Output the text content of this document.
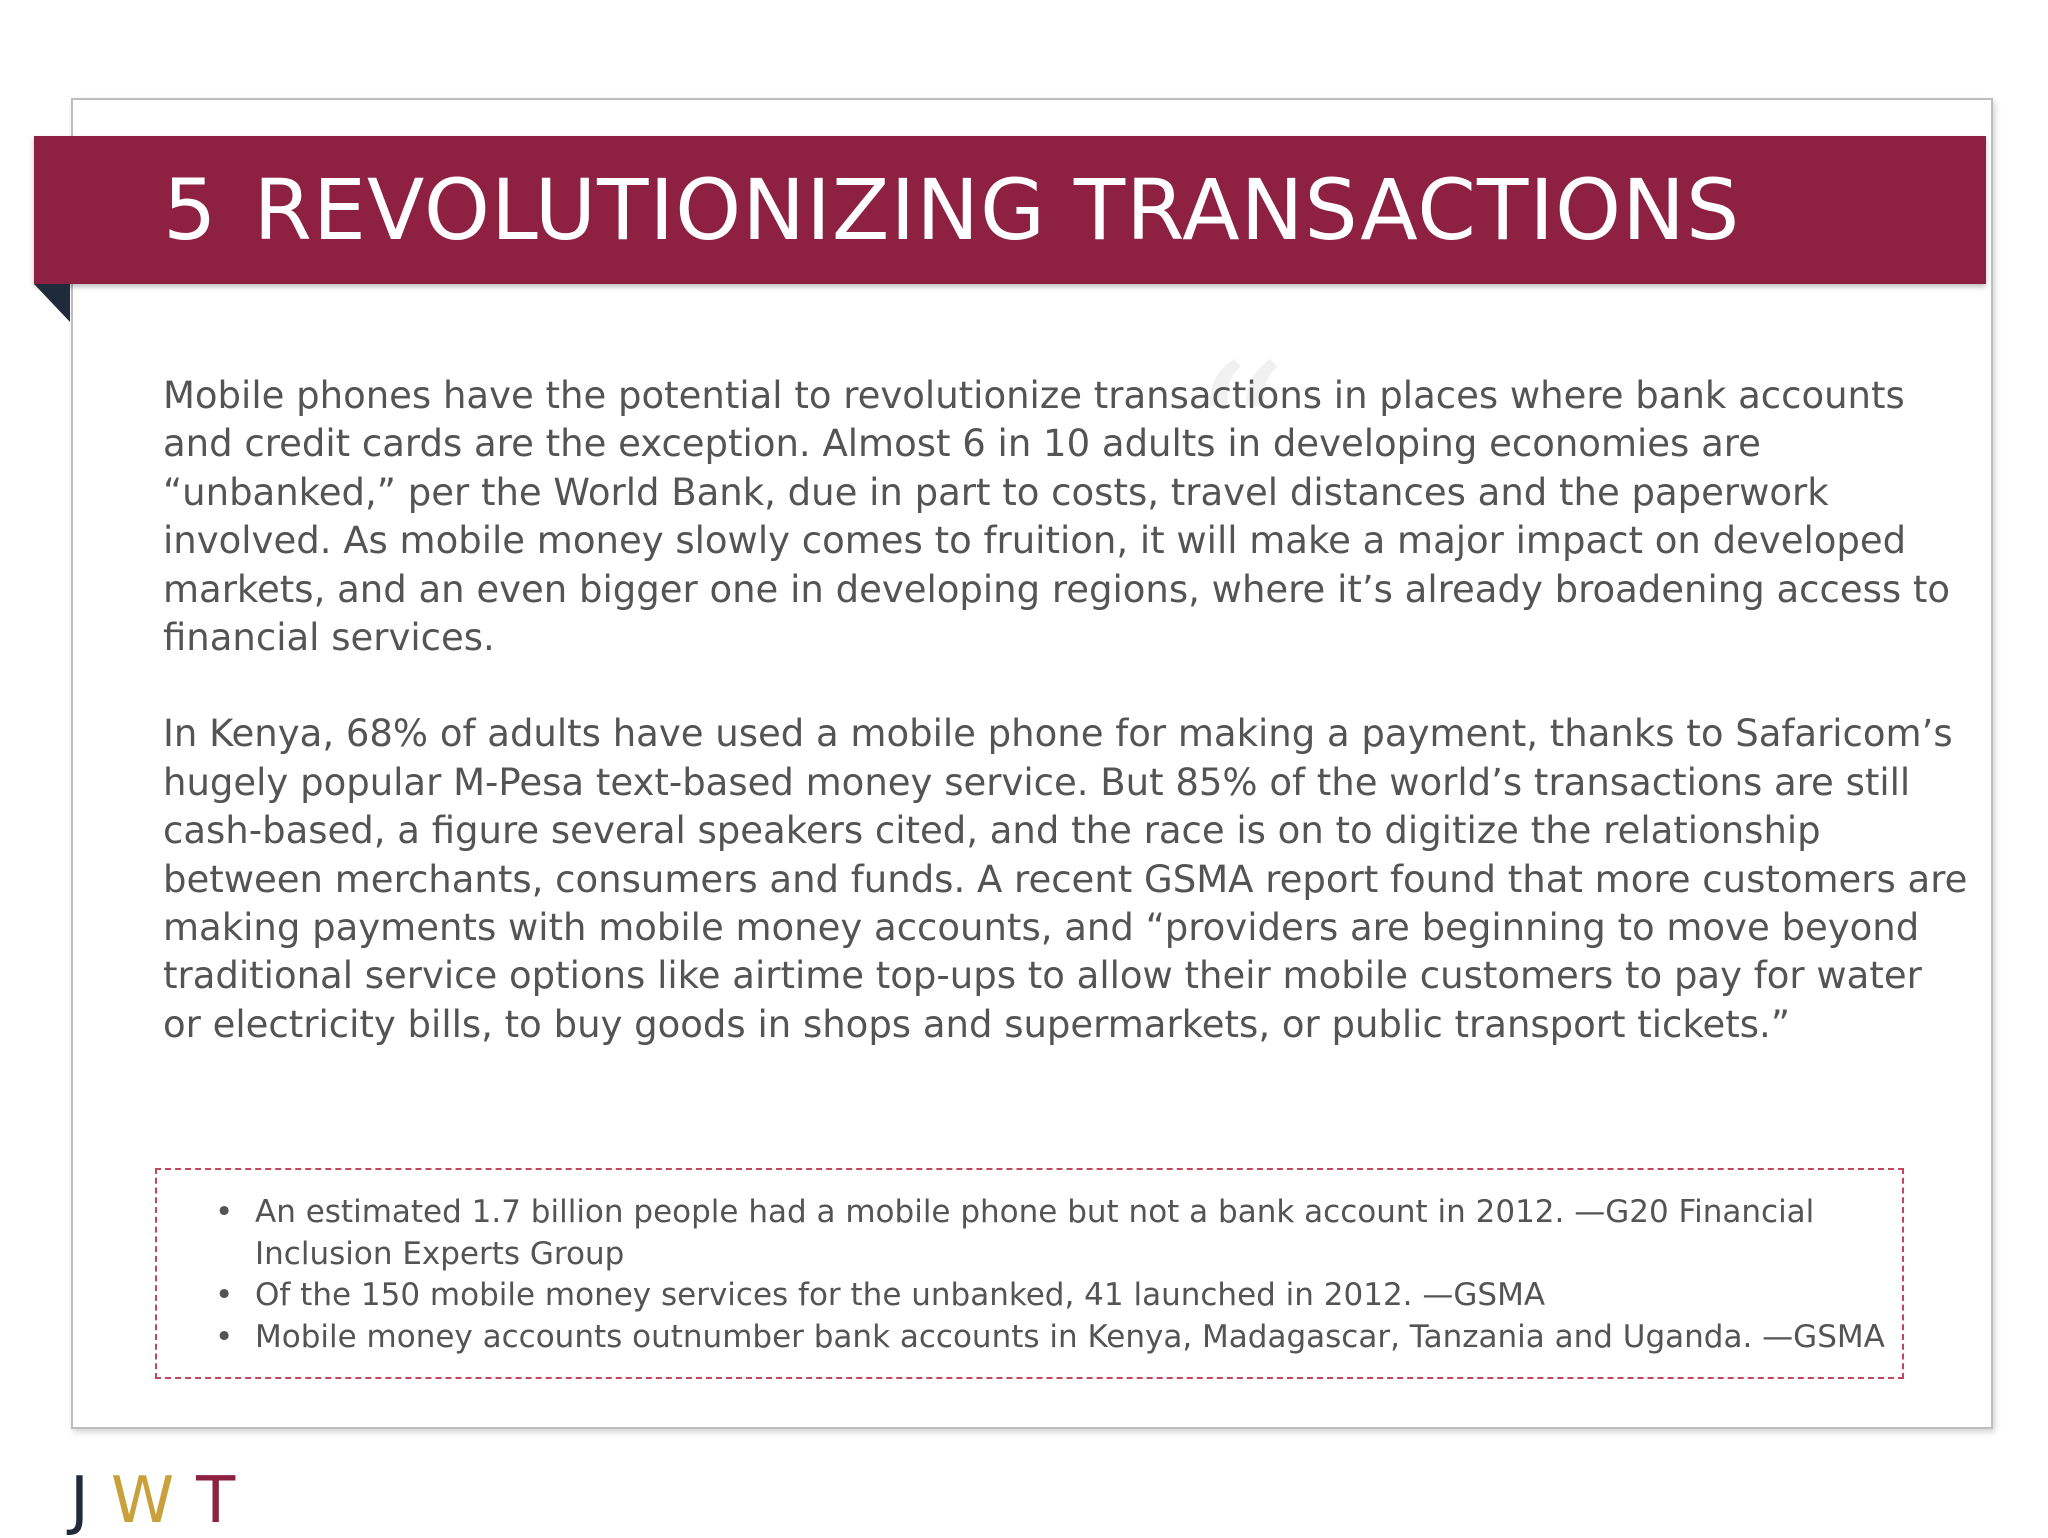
5 REVOLUTIONIZING TRANSACTIONS
“

Mobile phones have the potential to revolutionize transactions in places where bank accounts

and credit cards are the exception. Almost 6 in 10 adults in developing economies are

“unbanked,” per the World Bank, due in part to costs, travel distances and the paperwork

involved. As mobile money slowly comes to fruition, it will make a major impact on developed

markets, and an even bigger one in developing regions, where it’s already broadening access to

financial services.

In Kenya, 68% of adults have used a mobile phone for making a payment, thanks to Safaricom’s

hugely popular M-Pesa text-based money service. But 85% of the world’s transactions are still

cash-based, a figure several speakers cited, and the race is on to digitize the relationship

between merchants, consumers and funds. A recent GSMA report found that more customers are

making payments with mobile money accounts, and “providers are beginning to move beyond

traditional service options like airtime top-ups to allow their mobile customers to pay for water

or electricity bills, to buy goods in shops and supermarkets, or public transport tickets.”

• An estimated 1.7 billion people had a mobile phone but not a bank account in 2012. —G20 Financial
Inclusion Experts Group
• Of the 150 mobile money services for the unbanked, 41 launched in 2012. —GSMA
• Mobile money accounts outnumber bank accounts in Kenya, Madagascar, Tanzania and Uganda. —GSMA
J W T
